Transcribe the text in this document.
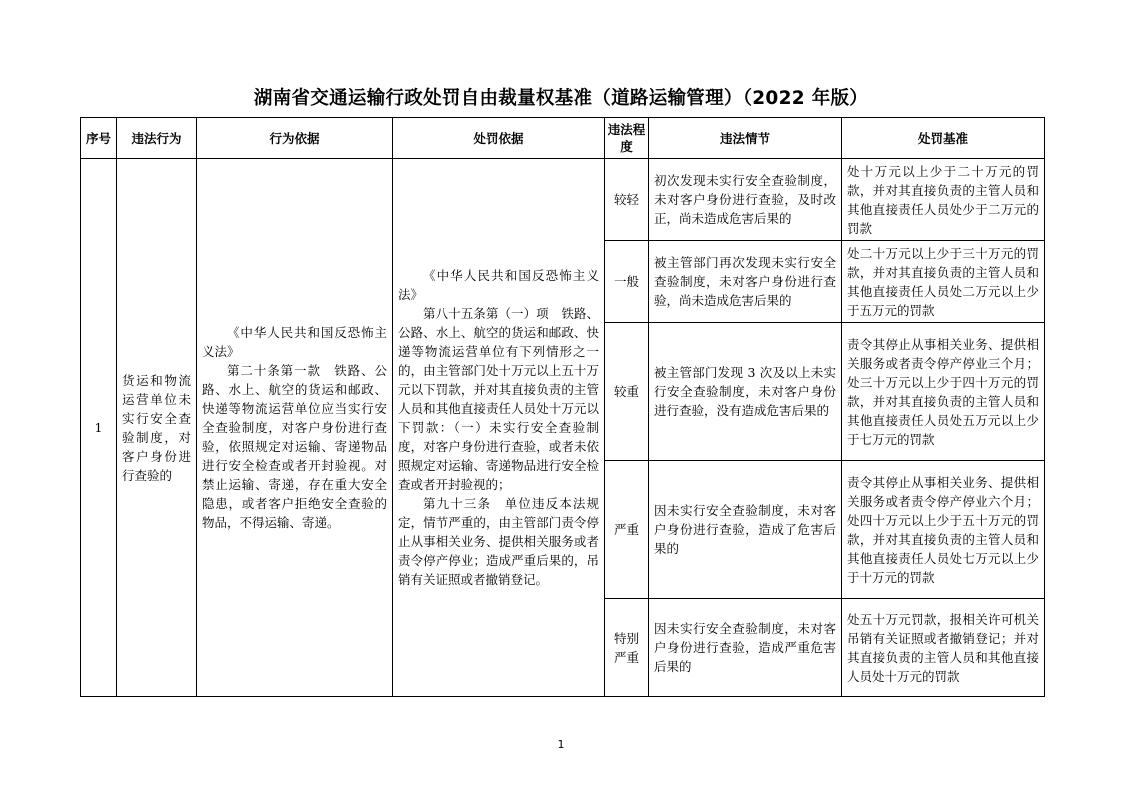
湖南省交通运输行政处罚自由裁量权基准（道路运输管理）（2022 年版）
序号	违法行为	行为依据	处罚依据	违法程度	违法情节	处罚基准
1	货运和物流运营单位未实行安全查验制度，对客户身份进行查验的	《中华人民共和国反恐怖主义法》
第二十条第一款　铁路、公路、水上、航空的货运和邮政、快递等物流运营单位应当实行安全查验制度，对客户身份进行查验，依照规定对运输、寄递物品进行安全检查或者开封验视。对禁止运输、寄递，存在重大安全隐患，或者客户拒绝安全查验的物品，不得运输、寄递。	《中华人民共和国反恐怖主义法》
第八十五条第（一）项　铁路、公路、水上、航空的货运和邮政、快递等物流运营单位有下列情形之一的，由主管部门处十万元以上五十万元以下罚款，并对其直接负责的主管人员和其他直接责任人员处十万元以下罚款：（一）未实行安全查验制度，对客户身份进行查验，或者未依照规定对运输、寄递物品进行安全检查或者开封验视的；
第九十三条　单位违反本法规定，情节严重的，由主管部门责令停止从事相关业务、提供相关服务或者责令停产停业；造成严重后果的，吊销有关证照或者撤销登记。	较轻	初次发现未实行安全查验制度，未对客户身份进行查验，及时改正，尚未造成危害后果的	处十万元以上少于二十万元的罚款，并对其直接负责的主管人员和其他直接责任人员处少于二万元的罚款
				一般	被主管部门再次发现未实行安全查验制度，未对客户身份进行查验，尚未造成危害后果的	处二十万元以上少于三十万元的罚款，并对其直接负责的主管人员和其他直接责任人员处二万元以上少于五万元的罚款
				较重	被主管部门发现 3 次及以上未实行安全查验制度，未对客户身份进行查验，没有造成危害后果的	责令其停止从事相关业务、提供相关服务或者责令停产停业三个月；处三十万元以上少于四十万元的罚款，并对其直接负责的主管人员和其他直接责任人员处五万元以上少于七万元的罚款
				严重	因未实行安全查验制度，未对客户身份进行查验，造成了危害后果的	责令其停止从事相关业务、提供相关服务或者责令停产停业六个月；处四十万元以上少于五十万元的罚款，并对其直接负责的主管人员和其他直接责任人员处七万元以上少于十万元的罚款
				特别严重	因未实行安全查验制度，未对客户身份进行查验，造成严重危害后果的	处五十万元罚款，报相关许可机关吊销有关证照或者撤销登记；并对其直接负责的主管人员和其他直接人员处十万元的罚款
1
